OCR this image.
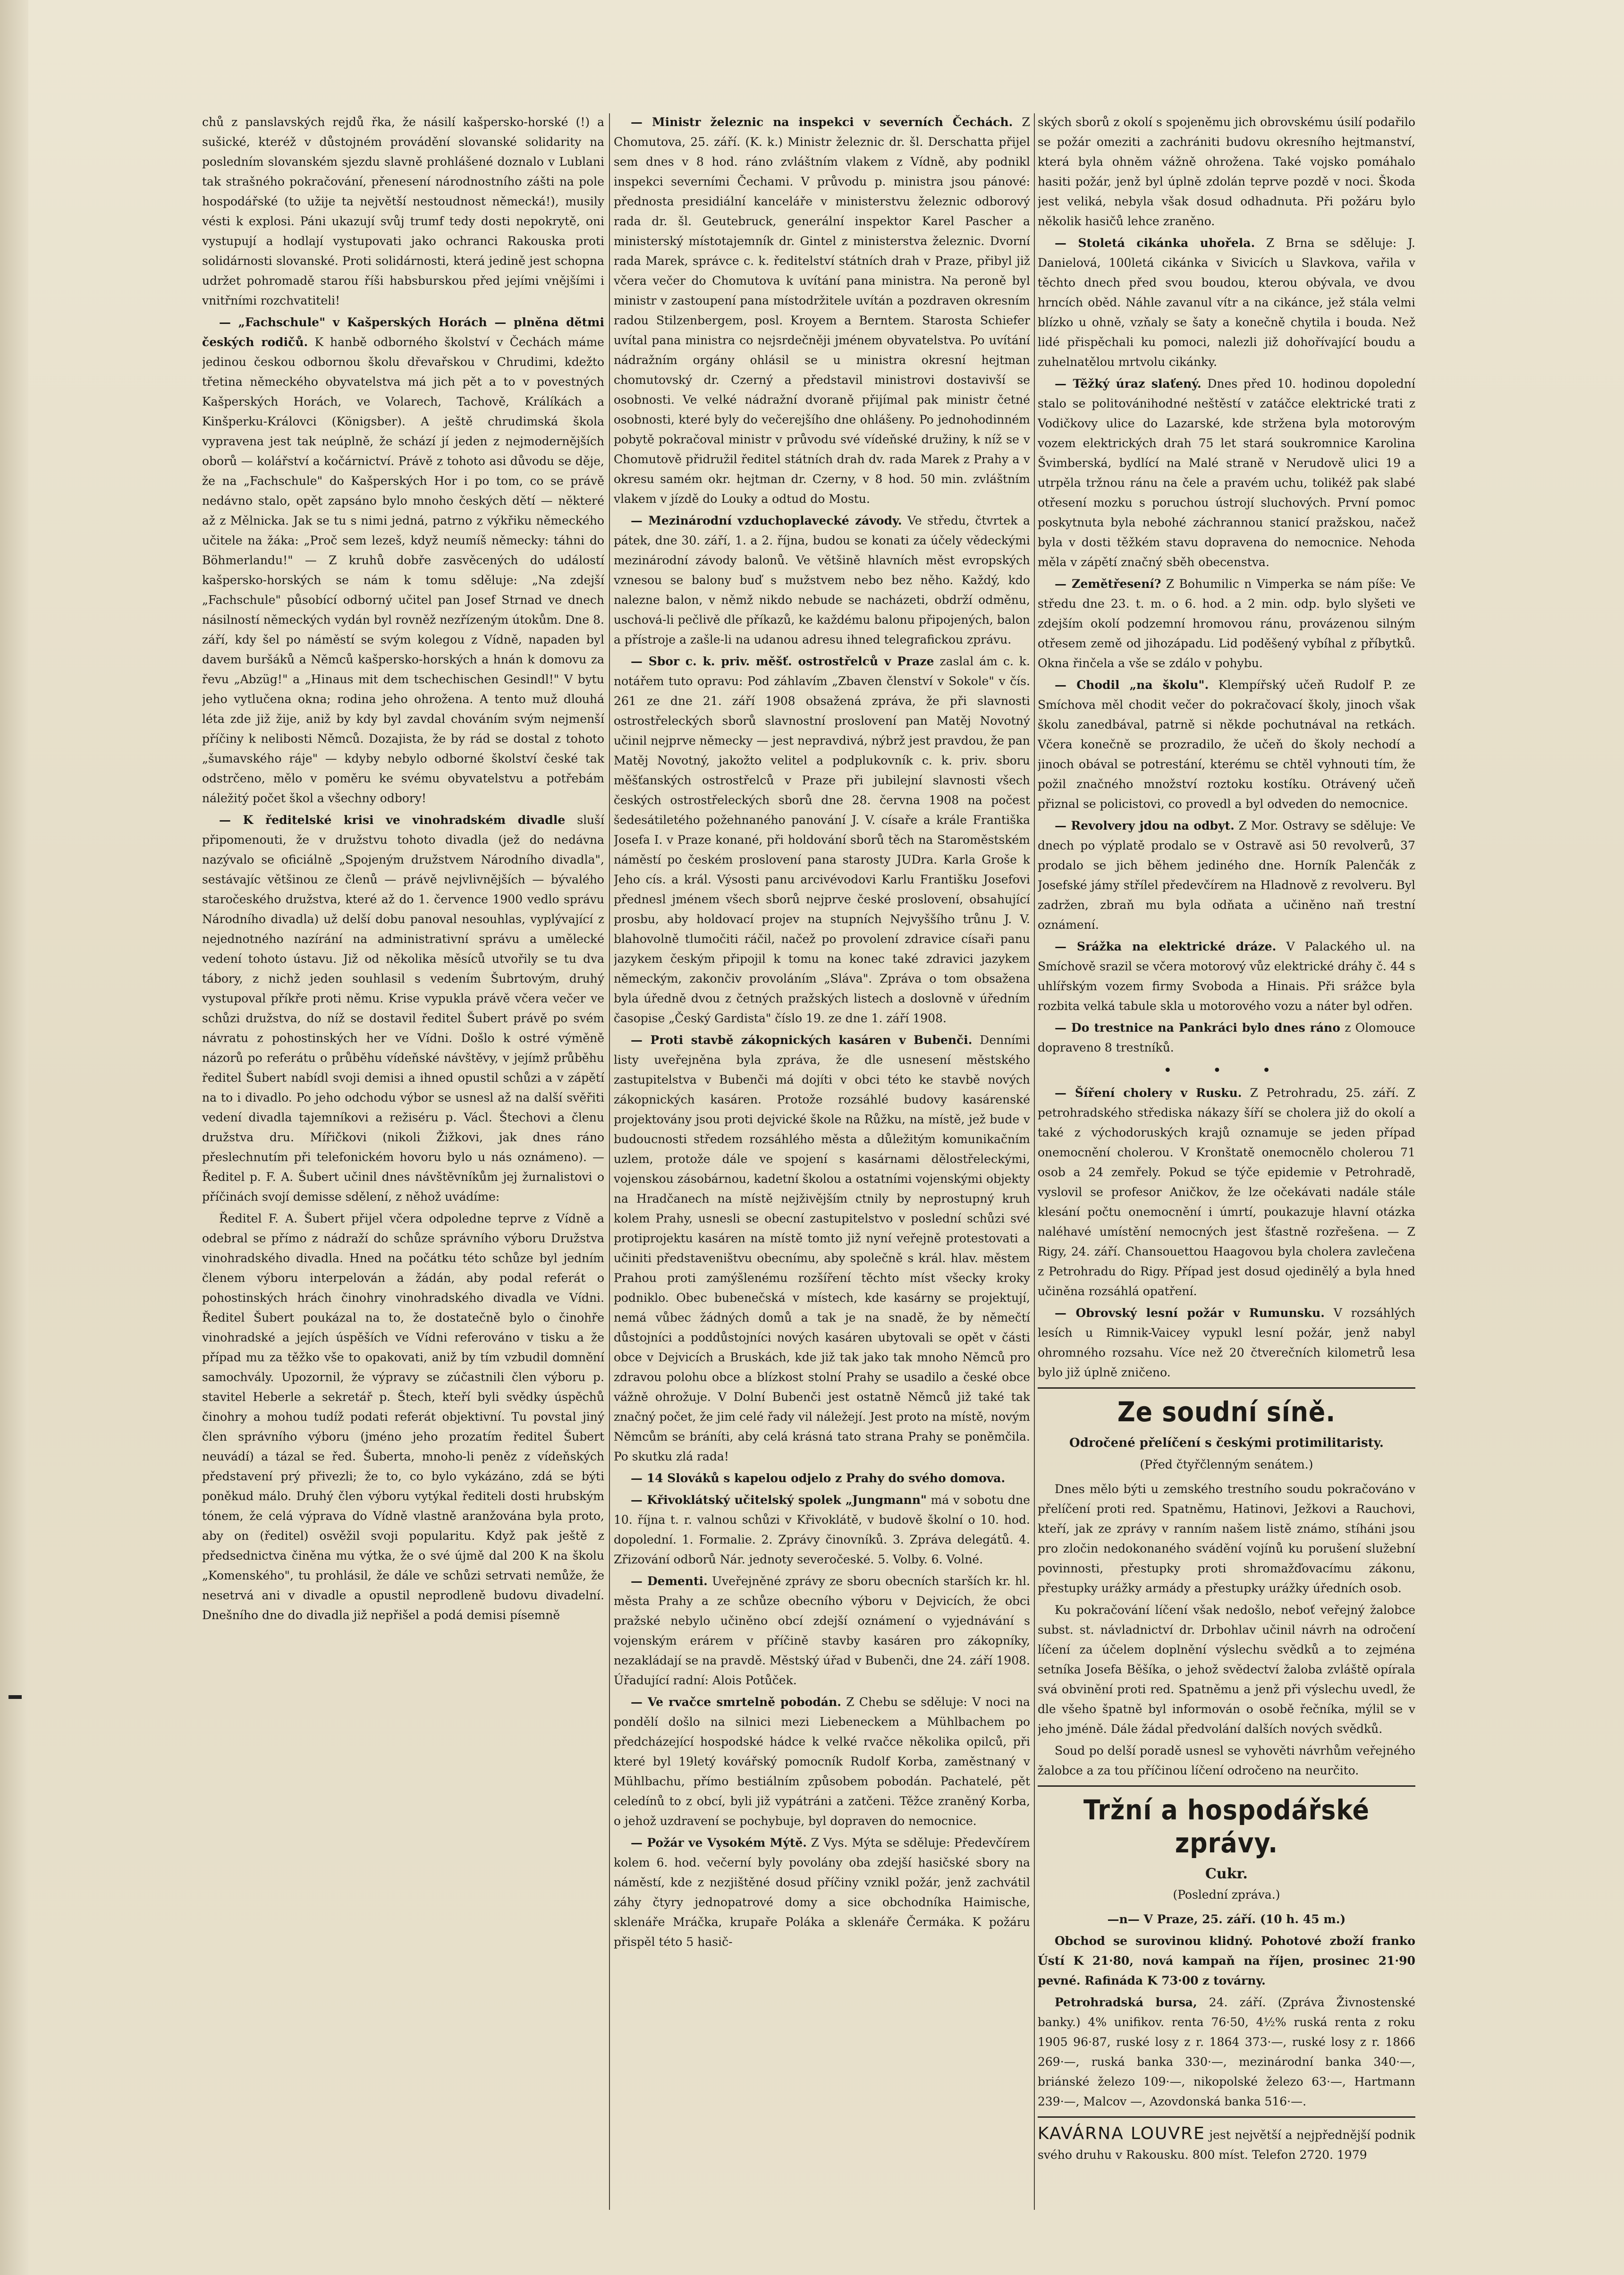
chů z panslavských rejdů řka, že násilí kašpersko-horské (!) a sušické, kteréž v důstojném provádění slovanské solidarity na posledním slovanském sjezdu slavně prohlášené doznalo v Lublani tak strašného pokračování, přenesení národnostního zášti na pole hospodářské (to užije ta největší nestoudnost německá!), musily vésti k explosi. Páni ukazují svůj trumf tedy dosti nepokrytě, oni vystupují a hodlají vystupovati jako ochranci Rakouska proti solidárnosti slovanské. Proti solidárnosti, která jedině jest schopna udržet pohromadě starou říši habsburskou před jejími vnějšími i vnitřními rozchvatiteli!

— „Fachschule" v Kašperských Horách — plněna dětmi českých rodičů. K hanbě odborného školství v Čechách máme jedinou českou odbornou školu dřevařskou v Chrudimi, kdežto třetina německého obyvatelstva má jich pět a to v povestných Kašperských Horách, ve Volarech, Tachově, Králíkách a Kinšperku-Královci (Königsber). A ještě chrudimská škola vypravena jest tak neúplně, že schází jí jeden z nejmodernějších oborů — kolářství a kočárnictví. Právě z tohoto asi důvodu se děje, že na „Fachschule" do Kašperských Hor i po tom, co se právě nedávno stalo, opět zapsáno bylo mnoho českých dětí — některé až z Mělnicka. Jak se tu s nimi jedná, patrno z výkřiku německého učitele na žáka: „Proč sem lezeš, když neumíš německy: táhni do Böhmerlandu!" — Z kruhů dobře zasvěcených do událostí kašpersko-horských se nám k tomu sděluje: „Na zdejší „Fachschule" působící odborný učitel pan Josef Strnad ve dnech násilností německých vydán byl rovněž nezřízeným útokům. Dne 8. září, kdy šel po náměstí se svým kolegou z Vídně, napaden byl davem buršáků a Němců kašpersko-horských a hnán k domovu za řevu „Abzüg!" a „Hinaus mit dem tschechischen Gesindl!" V bytu jeho vytlučena okna; rodina jeho ohrožena. A tento muž dlouhá léta zde již žije, aniž by kdy byl zavdal chováním svým nejmenší příčiny k nelibosti Němců. Dozajista, že by rád se dostal z tohoto „šumavského ráje" — kdyby nebylo odborné školství české tak odstrčeno, mělo v poměru ke svému obyvatelstvu a potřebám náležitý počet škol a všechny odbory!

— K ředitelské krisi ve vinohradském divadle sluší připomenouti, že v družstvu tohoto divadla (jež do nedávna nazývalo se oficiálně „Spojeným družstvem Národního divadla", sestávajíc většinou ze členů — právě nejvlivnějších — bývalého staročeského družstva, které až do 1. července 1900 vedlo správu Národního divadla) už delší dobu panoval nesouhlas, vyplývající z nejednotného nazírání na administrativní správu a umělecké vedení tohoto ústavu. Již od několika měsíců utvořily se tu dva tábory, z nichž jeden souhlasil s vedením Šubrtovým, druhý vystupoval příkře proti němu. Krise vypukla právě včera večer ve schůzi družstva, do níž se dostavil ředitel Šubert právě po svém návratu z pohostinských her ve Vídni. Došlo k ostré výměně názorů po referátu o průběhu vídeňské návštěvy, v jejímž průběhu ředitel Šubert nabídl svoji demisi a ihned opustil schůzi a v zápětí na to i divadlo. Po jeho odchodu výbor se usnesl až na další svěřiti vedení divadla tajemníkovi a režiséru p. Václ. Štechovi a členu družstva dru. Mířičkovi (nikoli Žižkovi, jak dnes ráno přeslechnutím při telefonickém hovoru bylo u nás oznámeno). — Ředitel p. F. A. Šubert učinil dnes návštěvníkům jej žurnalistovi o příčinách svojí demisse sdělení, z něhož uvádíme:

Ředitel F. A. Šubert přijel včera odpoledne teprve z Vídně a odebral se přímo z nádraží do schůze správního výboru Družstva vinohradského divadla. Hned na počátku této schůze byl jedním členem výboru interpelován a žádán, aby podal referát o pohostinských hrách činohry vinohradského divadla ve Vídni. Ředitel Šubert poukázal na to, že dostatečně bylo o činohře vinohradské a jejích úspěších ve Vídni referováno v tisku a že případ mu za těžko vše to opakovati, aniž by tím vzbudil domnění samochvály. Upozornil, že výpravy se zúčastnili člen výboru p. stavitel Heberle a sekretář p. Štech, kteří byli svědky úspěchů činohry a mohou tudíž podati referát objektivní. Tu povstal jiný člen správního výboru (jméno jeho prozatím ředitel Šubert neuvádí) a tázal se řed. Šuberta, mnoho-li peněz z vídeňských představení prý přivezli; že to, co bylo vykázáno, zdá se býti poněkud málo. Druhý člen výboru vytýkal řediteli dosti hrubským tónem, že celá výprava do Vídně vlastně aranžována byla proto, aby on (ředitel) osvěžil svoji popularitu. Když pak ještě z předsednictva činěna mu výtka, že o své újmě dal 200 K na školu „Komenského", tu prohlásil, že dále ve schůzi setrvati nemůže, že nesetrvá ani v divadle a opustil neprodleně budovu divadelní. Dnešního dne do divadla již nepřišel a podá demisi písemně

— Ministr železnic na inspekci v severních Čechách. Z Chomutova, 25. září. (K. k.) Ministr železnic dr. šl. Derschatta přijel sem dnes v 8 hod. ráno zvláštním vlakem z Vídně, aby podnikl inspekci severními Čechami. V průvodu p. ministra jsou pánové: přednosta presidiální kanceláře v ministerstvu železnic odborový rada dr. šl. Geutebruck, generální inspektor Karel Pascher a ministerský místotajemník dr. Gintel z ministerstva železnic. Dvorní rada Marek, správce c. k. ředitelství státních drah v Praze, přibyl již včera večer do Chomutova k uvítání pana ministra. Na peroně byl ministr v zastoupení pana místodržitele uvítán a pozdraven okresním radou Stilzenbergem, posl. Kroyem a Berntem. Starosta Schiefer uvítal pana ministra co nejsrdečněji jménem obyvatelstva. Po uvítání nádražním orgány ohlásil se u ministra okresní hejtman chomutovský dr. Czerný a představil ministrovi dostavivší se osobnosti. Ve velké nádražní dvoraně přijímal pak ministr četné osobnosti, které byly do večerejšího dne ohlášeny. Po jednohodinném pobytě pokračoval ministr v průvodu své vídeňské družiny, k níž se v Chomutově přidružil ředitel státních drah dv. rada Marek z Prahy a v okresu samém okr. hejtman dr. Czerny, v 8 hod. 50 min. zvláštním vlakem v jízdě do Louky a odtud do Mostu.

— Mezinárodní vzduchoplavecké závody. Ve středu, čtvrtek a pátek, dne 30. září, 1. a 2. října, budou se konati za účely vědeckými mezinárodní závody balonů. Ve většině hlavních měst evropských vznesou se balony buď s mužstvem nebo bez něho. Každý, kdo nalezne balon, v němž nikdo nebude se nacházeti, obdrží odměnu, uschová-li pečlivě dle příkazů, ke každému balonu připojených, balon a přístroje a zašle-li na udanou adresu ihned telegrafickou zprávu.

— Sbor c. k. priv. měšť. ostrostřelců v Praze zaslal ám c. k. notářem tuto opravu: Pod záhlavím „Zbaven členství v Sokole" v čís. 261 ze dne 21. září 1908 obsažená zpráva, že při slavnosti ostrostřeleckých sborů slavnostní proslovení pan Matěj Novotný učinil nejprve německy — jest nepravdivá, nýbrž jest pravdou, že pan Matěj Novotný, jakožto velitel a podplukovník c. k. priv. sboru měšťanských ostrostřelců v Praze při jubilejní slavnosti všech českých ostrostřeleckých sborů dne 28. června 1908 na počest šedesátiletého požehnaného panování J. V. císaře a krále Františka Josefa I. v Praze konané, při holdování sborů těch na Staroměstském náměstí po českém proslovení pana starosty JUDra. Karla Groše k Jeho cís. a král. Výsosti panu arcivévodovi Karlu Františku Josefovi přednesl jménem všech sborů nejprve české proslovení, obsahující prosbu, aby holdovací projev na stupních Nejvyššího trůnu J. V. blahovolně tlumočiti ráčil, načež po provolení zdravice císaři panu jazykem českým připojil k tomu na konec také zdravici jazykem německým, zakončiv provoláním „Sláva". Zpráva o tom obsažena byla úředně dvou z četných pražských listech a doslovně v úředním časopise „Český Gardista" číslo 19. ze dne 1. září 1908.

— Proti stavbě zákopnických kasáren v Bubenči. Denními listy uveřejněna byla zpráva, že dle usnesení městského zastupitelstva v Bubenči má dojíti v obci této ke stavbě nových zákopnických kasáren. Protože rozsáhlé budovy kasárenské projektovány jsou proti dejvické škole na Růžku, na místě, jež bude v budoucnosti středem rozsáhlého města a důležitým komunikačním uzlem, protože dále ve spojení s kasárnami dělostřeleckými, vojenskou zásobárnou, kadetní školou a ostatními vojenskými objekty na Hradčanech na místě nejživějším ctnily by neprostupný kruh kolem Prahy, usnesli se obecní zastupitelstvo v poslední schůzi své protiprojektu kasáren na místě tomto již nyní veřejně protestovati a učiniti představeništvu obecnímu, aby společně s král. hlav. městem Prahou proti zamýšlenému rozšíření těchto míst všecky kroky podniklo. Obec bubenečská v místech, kde kasárny se projektují, nemá vůbec žádných domů a tak je na snadě, že by němečtí důstojníci a poddůstojníci nových kasáren ubytovali se opět v části obce v Dejvicích a Bruskách, kde již tak jako tak mnoho Němců pro zdravou polohu obce a blízkost stolní Prahy se usadilo a české obce vážně ohrožuje. V Dolní Bubenči jest ostatně Němců již také tak značný počet, že jim celé řady vil náležejí. Jest proto na místě, novým Němcům se bráníti, aby celá krásná tato strana Prahy se poněmčila. Po skutku zlá rada!

— 14 Slováků s kapelou odjelo z Prahy do svého domova.

— Křivoklátský učitelský spolek „Jungmann" má v sobotu dne 10. října t. r. valnou schůzi v Křivoklátě, v budově školní o 10. hod. dopolední. 1. Formalie. 2. Zprávy činovníků. 3. Zpráva delegátů. 4. Zřizování odborů Nár. jednoty severočeské. 5. Volby. 6. Volné.

— Dementi. Uveřejněné zprávy ze sboru obecních starších kr. hl. města Prahy a ze schůze obecního výboru v Dejvicích, že obci pražské nebylo učiněno obcí zdejší oznámení o vyjednávání s vojenským erárem v příčině stavby kasáren pro zákopníky, nezakládají se na pravdě. Městský úřad v Bubenči, dne 24. září 1908. Úřadující radní: Alois Potůček.

— Ve rvačce smrtelně pobodán. Z Chebu se sděluje: V noci na pondělí došlo na silnici mezi Liebeneckem a Mühlbachem po předcházející hospodské hádce k velké rvačce několika opilců, při které byl 19letý kovářský pomocník Rudolf Korba, zaměstnaný v Mühlbachu, přímo bestiálním způsobem pobodán. Pachatelé, pět celedínů to z obcí, byli již vypátráni a zatčeni. Těžce zraněný Korba, o jehož uzdravení se pochybuje, byl dopraven do nemocnice.

— Požár ve Vysokém Mýtě. Z Vys. Mýta se sděluje: Předevčírem kolem 6. hod. večerní byly povolány oba zdejší hasičské sbory na náměstí, kde z nezjištěné dosud příčiny vznikl požár, jenž zachvátil záhy čtyry jednopatrové domy a sice obchodníka Haimische, sklenáře Mráčka, krupaře Poláka a sklenáře Čermáka. K požáru přispěl této 5 hasič-

ských sborů z okolí s spojeněmu jich obrovskému úsilí podařilo se požár omeziti a zachrániti budovu okresního hejtmanství, která byla ohněm vážně ohrožena. Také vojsko pomáhalo hasiti požár, jenž byl úplně zdolán teprve pozdě v noci. Škoda jest veliká, nebyla však dosud odhadnuta. Při požáru bylo několik hasičů lehce zraněno.

— Stoletá cikánka uhořela. Z Brna se sděluje: J. Danielová, 100letá cikánka v Sivicích u Slavkova, vařila v těchto dnech před svou boudou, kterou obývala, ve dvou hrncích oběd. Náhle zavanul vítr a na cikánce, jež stála velmi blízko u ohně, vzňaly se šaty a konečně chytila i bouda. Než lidé přispěchali ku pomoci, nalezli již dohořívající boudu a zuhelnatělou mrtvolu cikánky.

— Těžký úraz slaťený. Dnes před 10. hodinou dopolední stalo se politovánihodné neštěstí v zatáčce elektrické trati z Vodičkovy ulice do Lazarské, kde stržena byla motorovým vozem elektrických drah 75 let stará soukromnice Karolina Švimberská, bydlící na Malé straně v Nerudově ulici 19 a utrpěla tržnou ránu na čele a pravém uchu, tolikéž pak slabé otřesení mozku s poruchou ústrojí sluchových. První pomoc poskytnuta byla nebohé záchrannou stanicí pražskou, načež byla v dosti těžkém stavu dopravena do nemocnice. Nehoda měla v zápětí značný sběh obecenstva.

— Zemětřesení? Z Bohumilic n Vimperka se nám píše: Ve středu dne 23. t. m. o 6. hod. a 2 min. odp. bylo slyšeti ve zdejším okolí podzemní hromovou ránu, provázenou silným otřesem země od jihozápadu. Lid poděšený vybíhal z příbytků. Okna řinčela a vše se zdálo v pohybu.

— Chodil „na školu". Klempířský učeň Rudolf P. ze Smíchova měl chodit večer do pokračovací školy, jinoch však školu zanedbával, patrně si někde pochutnával na retkách. Včera konečně se prozradilo, že učeň do školy nechodí a jinoch obával se potrestání, kterému se chtěl vyhnouti tím, že požil značného množství roztoku kostíku. Otrávený učeň přiznal se policistovi, co provedl a byl odveden do nemocnice.

— Revolvery jdou na odbyt. Z Mor. Ostravy se sděluje: Ve dnech po výplatě prodalo se v Ostravě asi 50 revolverů, 37 prodalo se jich během jediného dne. Horník Palenčák z Josefské jámy střílel předevčírem na Hladnově z revolveru. Byl zadržen, zbraň mu byla odňata a učiněno naň trestní oznámení.

— Srážka na elektrické dráze. V Palackého ul. na Smíchově srazil se včera motorový vůz elektrické dráhy č. 44 s uhlířským vozem firmy Svoboda a Hinais. Při srážce byla rozbita velká tabule skla u motorového vozu a náter byl odřen.

— Do trestnice na Pankráci bylo dnes ráno z Olomouce dopraveno 8 trestníků.

• • •

— Šíření cholery v Rusku. Z Petrohradu, 25. září. Z petrohradského střediska nákazy šíří se cholera již do okolí a také z východoruských krajů oznamuje se jeden případ onemocnění cholerou. V Kronštatě onemocnělo cholerou 71 osob a 24 zemřely. Pokud se týče epidemie v Petrohradě, vyslovil se profesor Aničkov, že lze očekávati nadále stále klesání počtu onemocnění i úmrtí, poukazuje hlavní otázka naléhavé umístění nemocných jest šťastně rozřešena. — Z Rigy, 24. září. Chansouettou Haagovou byla cholera zavlečena z Petrohradu do Rigy. Případ jest dosud ojedinělý a byla hned učiněna rozsáhlá opatření.

— Obrovský lesní požár v Rumunsku. V rozsáhlých lesích u Rimnik-Vaicey vypukl lesní požár, jenž nabyl ohromného rozsahu. Více než 20 čtverečních kilometrů lesa bylo již úplně zničeno.

Ze soudní síně.
Odročené přelíčení s českými protimilitaristy.
(Před čtyřčlenným senátem.)

Dnes mělo býti u zemského trestního soudu pokračováno v přelíčení proti red. Spatněmu, Hatinovi, Ježkovi a Rauchovi, kteří, jak ze zprávy v ranním našem listě známo, stíháni jsou pro zločin nedokonaného svádění vojínů ku porušení služební povinnosti, přestupky proti shromažďovacímu zákonu, přestupky urážky armády a přestupky urážky úředních osob.

Ku pokračování líčení však nedošlo, neboť veřejný žalobce subst. st. návladnictví dr. Drbohlav učinil návrh na odročení líčení za účelem doplnění výslechu svědků a to zejména setníka Josefa Běšíka, o jehož svědectví žaloba zvláště opírala svá obvinění proti red. Spatněmu a jenž při výslechu uvedl, že dle všeho špatně byl informován o osobě řečníka, mýlil se v jeho jméně. Dále žádal předvolání dalších nových svědků.

Soud po delší poradě usnesl se vyhověti návrhům veřejného žalobce a za tou příčinou líčení odročeno na neurčito.

Tržní a hospodářské zprávy.
Cukr.
(Poslední zpráva.)

—n— V Praze, 25. září. (10 h. 45 m.)

Obchod se surovinou klidný. Pohotové zboží franko Ústí K 21·80, nová kampaň na říjen, prosinec 21·90 pevné. Rafináda K 73·00 z továrny.

Petrohradská bursa, 24. září. (Zpráva Živnostenské banky.) 4% unifikov. renta 76·50, 4½% ruská renta z roku 1905 96·87, ruské losy z r. 1864 373·—, ruské losy z r. 1866 269·—, ruská banka 330·—, mezinárodní banka 340·—, briánské železo 109·—, nikopolské železo 63·—, Hartmann 239·—, Malcov —, Azovdonská banka 516·—.

KAVÁRNA LOUVRE jest největší a nejpřednější podnik svého druhu v Rakousku. 800 míst. Telefon 2720. 1979
